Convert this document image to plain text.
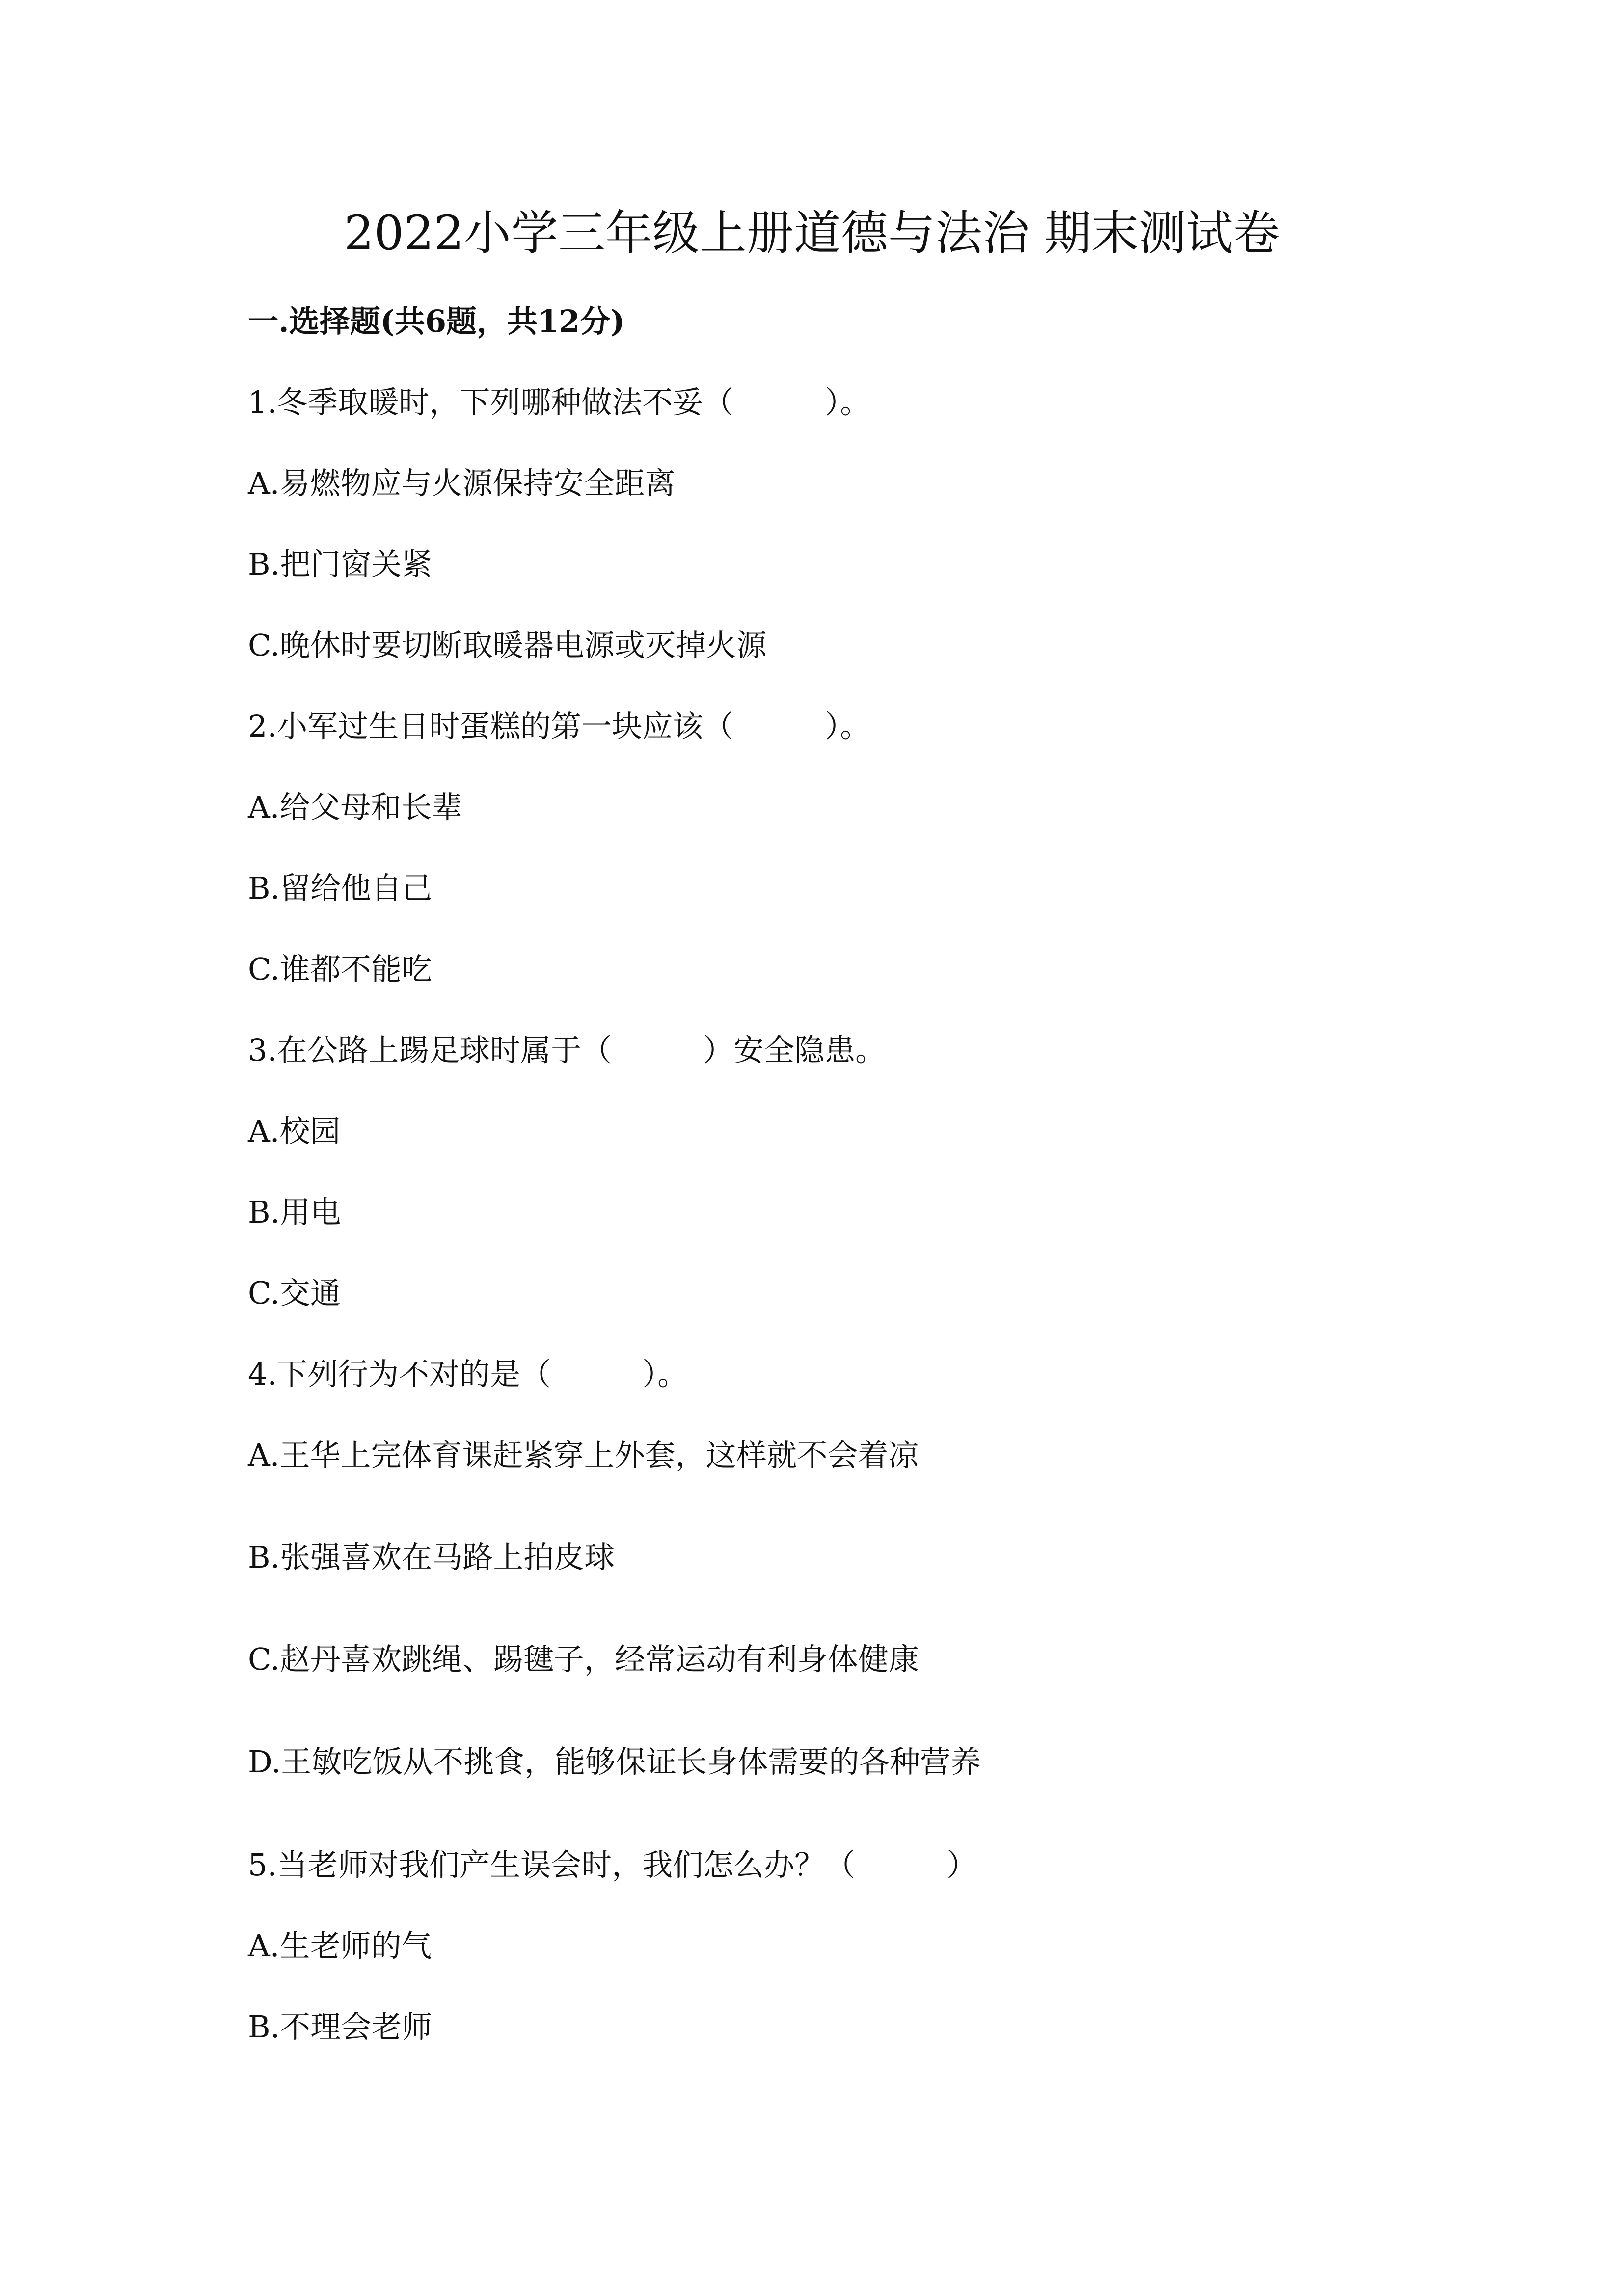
2022小学三年级上册道德与法治 期末测试卷
一.选择题(共6题，共12分)
1.冬季取暖时，下列哪种做法不妥（　　　）。
A.易燃物应与火源保持安全距离
B.把门窗关紧
C.晚休时要切断取暖器电源或灭掉火源
2.小军过生日时蛋糕的第一块应该（　　　）。
A.给父母和长辈
B.留给他自己
C.谁都不能吃
3.在公路上踢足球时属于（　　　）安全隐患。
A.校园
B.用电
C.交通
4.下列行为不对的是（　　　）。
A.王华上完体育课赶紧穿上外套，这样就不会着凉
B.张强喜欢在马路上拍皮球
C.赵丹喜欢跳绳、踢毽子，经常运动有利身体健康
D.王敏吃饭从不挑食，能够保证长身体需要的各种营养
5.当老师对我们产生误会时，我们怎么办？（　　　）
A.生老师的气
B.不理会老师
